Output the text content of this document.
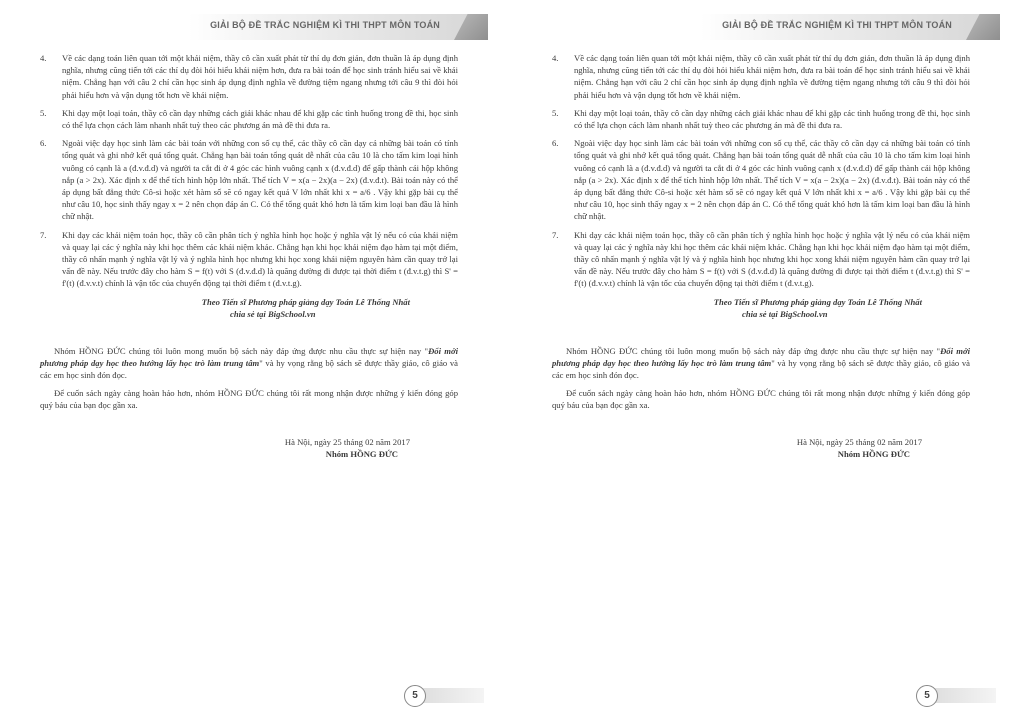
GIẢI BỘ ĐỀ TRẮC NGHIỆM KÌ THI THPT MÔN TOÁN
4.	Về các dạng toán liên quan tới một khái niệm, thầy cô cần xuất phát từ thí dụ đơn giản, đơn thuần là áp dụng định nghĩa, nhưng cũng tiến tới các thí dụ đòi hỏi hiểu khái niệm hơn, đưa ra bài toán để học sinh tránh hiểu sai về khái niệm. Chẳng hạn với câu 2 chỉ cần học sinh áp dụng định nghĩa về đường tiệm ngang nhưng tới câu 9 thì đòi hỏi phải hiểu hơn và vận dụng tốt hơn về khái niệm.
5.	Khi dạy một loại toán, thầy cô cần dạy những cách giải khác nhau để khi gặp các tình huống trong đề thi, học sinh có thể lựa chọn cách làm nhanh nhất tuỳ theo các phương án mà đề thi đưa ra.
6.	Ngoài việc dạy học sinh làm các bài toán với những con số cụ thể, các thầy cô cần dạy cả những bài toán có tính tổng quát và ghi nhớ kết quả tổng quát. Chẳng hạn bài toán tổng quát dễ nhất của câu 10 là cho tấm kim loại hình vuông có cạnh là a (đ.v.đ.d) và người ta cắt đi ở 4 góc các hình vuông cạnh x (đ.v.đ.d) để gấp thành cái hộp không nắp (a > 2x). Xác định x để thể tích hình hộp lớn nhất. Thể tích V = x(a − 2x)(a − 2x) (đ.v.đ.t). Bài toán này có thể áp dụng bất đẳng thức Cô-si hoặc xét hàm số sẽ có ngay kết quả V lớn nhất khi x = a/6 . Vậy khi gặp bài cụ thể như câu 10, học sinh thấy ngay x = 2 nên chọn đáp án C. Có thể tổng quát khó hơn là tấm kim loại ban đầu là hình chữ nhật.
7.	Khi dạy các khái niệm toán học, thầy cô cần phân tích ý nghĩa hình học hoặc ý nghĩa vật lý nếu có của khái niệm và quay lại các ý nghĩa này khi học thêm các khái niệm khác. Chẳng hạn khi học khái niệm đạo hàm tại một điểm, thầy cô nhấn mạnh ý nghĩa vật lý và ý nghĩa hình học nhưng khi học xong khái niệm nguyên hàm cần quay trở lại vấn đề này. Nếu trước đây cho hàm S = f(t) với S (đ.v.đ.d) là quãng đường đi được tại thời điểm t (đ.v.t.g) thì S' = f'(t) (đ.v.v.t) chính là vận tốc của chuyển động tại thời điểm t (đ.v.t.g).
Theo Tiến sĩ Phương pháp giảng dạy Toán Lê Thống Nhất
chia sẻ tại BigSchool.vn
Nhóm HỒNG ĐỨC chúng tôi luôn mong muốn bộ sách này đáp ứng được nhu cầu thực sự hiện nay "Đổi mới phương pháp dạy học theo hướng lấy học trò làm trung tâm" và hy vọng rằng bộ sách sẽ được thầy giáo, cô giáo và các em học sinh đón đọc.
Để cuốn sách ngày càng hoàn hảo hơn, nhóm HỒNG ĐỨC chúng tôi rất mong nhận được những ý kiến đóng góp quý báu của bạn đọc gần xa.
Hà Nội, ngày 25 tháng 02 năm 2017
Nhóm HỒNG ĐỨC
5
GIẢI BỘ ĐỀ TRẮC NGHIỆM KÌ THI THPT MÔN TOÁN
4.	Về các dạng toán liên quan tới một khái niệm, thầy cô cần xuất phát từ thí dụ đơn giản, đơn thuần là áp dụng định nghĩa, nhưng cũng tiến tới các thí dụ đòi hỏi hiểu khái niệm hơn, đưa ra bài toán để học sinh tránh hiểu sai về khái niệm. Chẳng hạn với câu 2 chỉ cần học sinh áp dụng định nghĩa về đường tiệm ngang nhưng tới câu 9 thì đòi hỏi phải hiểu hơn và vận dụng tốt hơn về khái niệm.
5.	Khi dạy một loại toán, thầy cô cần dạy những cách giải khác nhau để khi gặp các tình huống trong đề thi, học sinh có thể lựa chọn cách làm nhanh nhất tuỳ theo các phương án mà đề thi đưa ra.
6.	Ngoài việc dạy học sinh làm các bài toán với những con số cụ thể, các thầy cô cần dạy cả những bài toán có tính tổng quát và ghi nhớ kết quả tổng quát. Chẳng hạn bài toán tổng quát dễ nhất của câu 10 là cho tấm kim loại hình vuông có cạnh là a (đ.v.đ.d) và người ta cắt đi ở 4 góc các hình vuông cạnh x (đ.v.đ.d) để gấp thành cái hộp không nắp (a > 2x). Xác định x để thể tích hình hộp lớn nhất. Thể tích V = x(a − 2x)(a − 2x) (đ.v.đ.t). Bài toán này có thể áp dụng bất đẳng thức Cô-si hoặc xét hàm số sẽ có ngay kết quả V lớn nhất khi x = a/6 . Vậy khi gặp bài cụ thể như câu 10, học sinh thấy ngay x = 2 nên chọn đáp án C. Có thể tổng quát khó hơn là tấm kim loại ban đầu là hình chữ nhật.
7.	Khi dạy các khái niệm toán học, thầy cô cần phân tích ý nghĩa hình học hoặc ý nghĩa vật lý nếu có của khái niệm và quay lại các ý nghĩa này khi học thêm các khái niệm khác. Chẳng hạn khi học khái niệm đạo hàm tại một điểm, thầy cô nhấn mạnh ý nghĩa vật lý và ý nghĩa hình học nhưng khi học xong khái niệm nguyên hàm cần quay trở lại vấn đề này. Nếu trước đây cho hàm S = f(t) với S (đ.v.đ.d) là quãng đường đi được tại thời điểm t (đ.v.t.g) thì S' = f'(t) (đ.v.v.t) chính là vận tốc của chuyển động tại thời điểm t (đ.v.t.g).
Theo Tiến sĩ Phương pháp giảng dạy Toán Lê Thống Nhất
chia sẻ tại BigSchool.vn
Nhóm HỒNG ĐỨC chúng tôi luôn mong muốn bộ sách này đáp ứng được nhu cầu thực sự hiện nay "Đổi mới phương pháp dạy học theo hướng lấy học trò làm trung tâm" và hy vọng rằng bộ sách sẽ được thầy giáo, cô giáo và các em học sinh đón đọc.
Để cuốn sách ngày càng hoàn hảo hơn, nhóm HỒNG ĐỨC chúng tôi rất mong nhận được những ý kiến đóng góp quý báu của bạn đọc gần xa.
Hà Nội, ngày 25 tháng 02 năm 2017
Nhóm HỒNG ĐỨC
5
